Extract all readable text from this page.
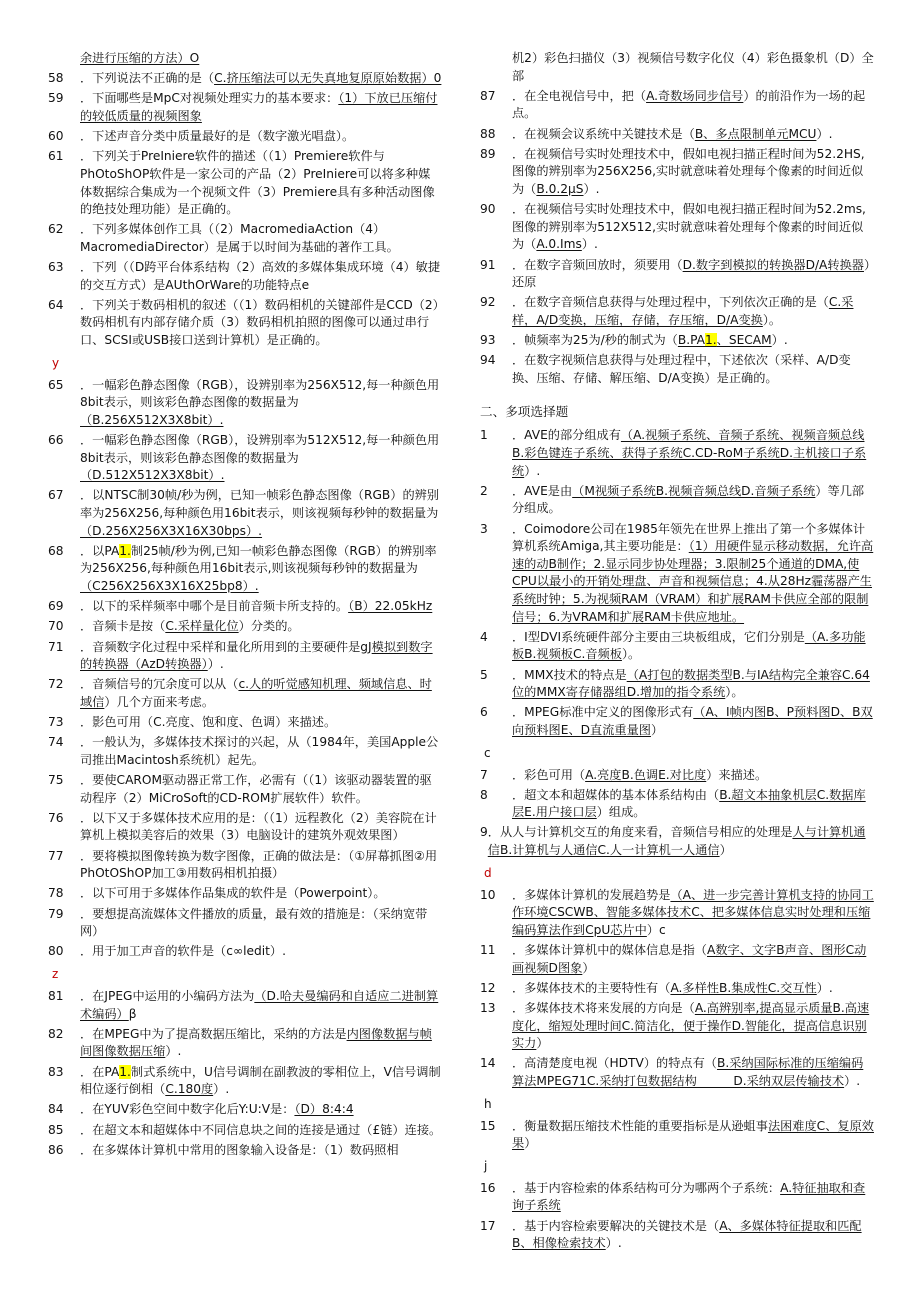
余进行压缩的方法）O
58	．下列说法不正确的是（C.挤压缩法可以无失真地复原原始数据）0
59	．下面哪些是MpC对视频处理实力的基本要求：（1）下放已压缩付的较低质量的视频图象
60	．下述声音分类中质量最好的是（数字激光唱盘）。
61	．下列关于PreIniere软件的描述（（1）Premiere软件与PhOtoShOP软件是一家公司的产品（2）PreIniere可以将多种媒体数据综合集成为一个视频文件（3）Premiere具有多种活动图像的绝技处理功能）是正确的。
62	．下列多媒体创作工具（（2）MacromediaAction（4）MacromediaDirector）是属于以时间为基础的著作工具。
63	．下列（（D跨平台体系结构（2）高效的多媒体集成环境（4）敏捷的交互方式）是AUthOrWare的功能特点e
64	．下列关于数码相机的叙述（（1）数码相机的关键部件是CCD（2）数码相机有内部存储介质（3）数码相机拍照的图像可以通过串行口、SCSI或USB接口送到计算机）是正确的。
y
65	．一幅彩色静态图像（RGB），设辨别率为256X512,每一种颜色用8bit表示，则该彩色静态图像的数据量为（B.256X512X3X8bit）.
66	．一幅彩色静态图像（RGB），设辨别率为512X512,每一种颜色用8bit表示，则该彩色静态图像的数据量为（D.512X512X3X8bit）.
67	．以NTSC制30帧/秒为例，已知一帧彩色静态图像（RGB）的辨别率为256X256,每种颜色用16bit表示，则该视频每秒钟的数据量为（D.256X256X3X16X30bps）.
68	．以PA1.制25帧/秒为例,已知一帧彩色静态图像（RGB）的辨别率为256X256,每种颜色用16bit表示,则该视频每秒钟的数据量为（C256X256X3X16X25bp8）.
69	．以下的采样频率中哪个是目前音频卡所支持的。（B）22.05kHz
70	．音频卡是按（C.采样量化位）分类的。
71	．音频数字化过程中采样和量化所用到的主要硬件是gJ模拟到数字的转换器（AzD转换器））.
72	．音频信号的冗余度可以从（c.人的听觉感知机理、频域信息、时域信）几个方面来考虑。
73	．影色可用（C.亮度、饱和度、色调）来描述。
74	．一般认为，多媒体技术探讨的兴起，从（1984年，美国Apple公司推出Macintosh系统机）起先。
75	．要使CAROM驱动器正常工作，必需有（（1）该驱动器装置的驱动程序（2）MiCroSoft的CD-ROM扩展软件）软件。
76	．以下又于多媒体技术应用的是：（（1）远程教化（2）美容院在计算机上模拟美容后的效果（3）电脑设计的建筑外观效果图）
77	．要将模拟图像转换为数字图像，正确的做法是：（①屏幕抓图②用PhOtOShOP加工③用数码相机拍摄）
78	．以下可用于多媒体作品集成的软件是（Powerpoint）。
79	．要想提高流媒体文件播放的质量，最有效的措施是：（采纳宽带网）
80	．用于加工声音的软件是（c∞ledit）.
z
81	．在JPEG中运用的小编码方法为（D.哈夫曼编码和自适应二进制算术编码）β
82	．在MPEG中为了提高数据压缩比，采纳的方法是内图像数据与帧间图像数据压缩）.
83	．在PA1.制式系统中，U信号调制在副教波的零相位上，V信号调制相位逐行倒相（C.180度）.
84	．在YUV彩色空间中数字化后Y:U:V是：（D）8:4:4
85	．在超文本和超媒体中不同信息块之间的连接是通过（£链）连接。
86	．在多媒体计算机中常用的图象输入设备是：（1）数码照相
机2）彩色扫描仪（3）视频信号数字化仪（4）彩色摄象机（D）全部
87	．在全电视信号中，把（A.奇数场同步信号）的前沿作为一场的起点。
88	．在视频会议系统中关键技术是（B、多点限制单元MCU）.
89	．在视频信号实时处理技术中，假如电视扫描正程时间为52.2HS,图像的辨别率为256X256,实时就意味着处理每个像素的时间近似为（B.0.2μS）.
90	．在视频信号实时处理技术中，假如电视扫描正程时间为52.2ms,图像的辨别率为512X512,实时就意味着处理每个像素的时间近似为（A.0.Ims）.
91	．在数字音频回放时，须要用（D.数字到模拟的转换器D/A转换器）还原
92	．在数字音频信息获得与处理过程中，下列依次正确的是（C.采样，A/D变换，压缩，存储，存压缩，D/A变换）。
93	．帧频率为25为/秒的制式为（B.PA1.、SECAM）.
94	．在数字视频信息获得与处理过程中，下述依次（采样、A/D变换、压缩、存储、解压缩、D/A变换）是正确的。
二、多项选择题
1	．AVE的部分组成有（A.视频子系统、音频子系统、视频音频总线B.彩色键连子系统、获得子系统C.CD-RoM子系统D.主机接口子系统）.
2	．AVE是由（M视频子系统B.视频音频总线D.音频子系统）等几部分组成。
3	．Coimodore公司在1985年领先在世界上推出了第一个多媒体计算机系统Amiga,其主要功能是：（1）用硬件显示移动数据，允许高速的动B制作；2.显示同步协处理器；3.限制25个通道的DMA,使CPU以最小的开销处理盘、声音和视频信息；4.从28Hz霾荡器产生系统时钟；5.为视频RAM（VRAM）和扩展RAM卡供应全部的限制信号；6.为VRAM和扩展RAM卡供应地址。
4	．I型DVI系统硬件部分主要由三块板组成，它们分别是（A.多功能板B.视频板C.音频板）。
5	．MMX技术的特点是（A打包的数据类型B.与IA结构完全兼容C.64位的MMX寄存储器组D.增加的指令系统）。
6	．MPEG标准中定义的图像形式有（A、I帧内图B、P预料图D、B双向预料图E、D直流重量图）
c
7	．彩色可用（A.亮度B.色调E.对比度）来描述。
8	．超文本和超媒体的基本体系结构由（B.超文本抽象机层C.数据库层E.用户接口层）组成。
9 ．从人与计算机交互的角度来看，音频信号相应的处理是人与计算机通信B.计算机与人通信C.人一计算机一人通信）
d
10	．多媒体计算机的发展趋势是（A、进一步完善计算机支持的协同工作环境CSCWB、智能多媒体技术C、把多媒体信息实时处理和压缩编码算法作到CpU芯片中）c
11	．多媒体计算机中的媒体信息是指（A数字、文字B声音、图形C动画视频D图象）
12	．多媒体技术的主要特性有（A.多样性B.集成性C.交互性）.
13	．多媒体技术将来发展的方向是（A.高辨别率,提高显示质量B.高速度化，缩短处理时间C.简洁化，便于操作D.智能化，提高信息识别实力）
14	．高清楚度电视（HDTV）的特点有（B.采纳国际标准的压缩编码算法MPEG71C.采纳打包数据结构　　　D.采纳双层传输技术）.
h
15	．衡量数据压缩技术性能的重要指标是从逊蛆事法困难度C、复原效果）
j
16	．基于内容检索的体系结构可分为哪两个子系统：A.特征抽取和查询子系统
17	．基于内容检索要解决的关键技术是（A、多媒体特征提取和匹配B、相像检索技术）.
